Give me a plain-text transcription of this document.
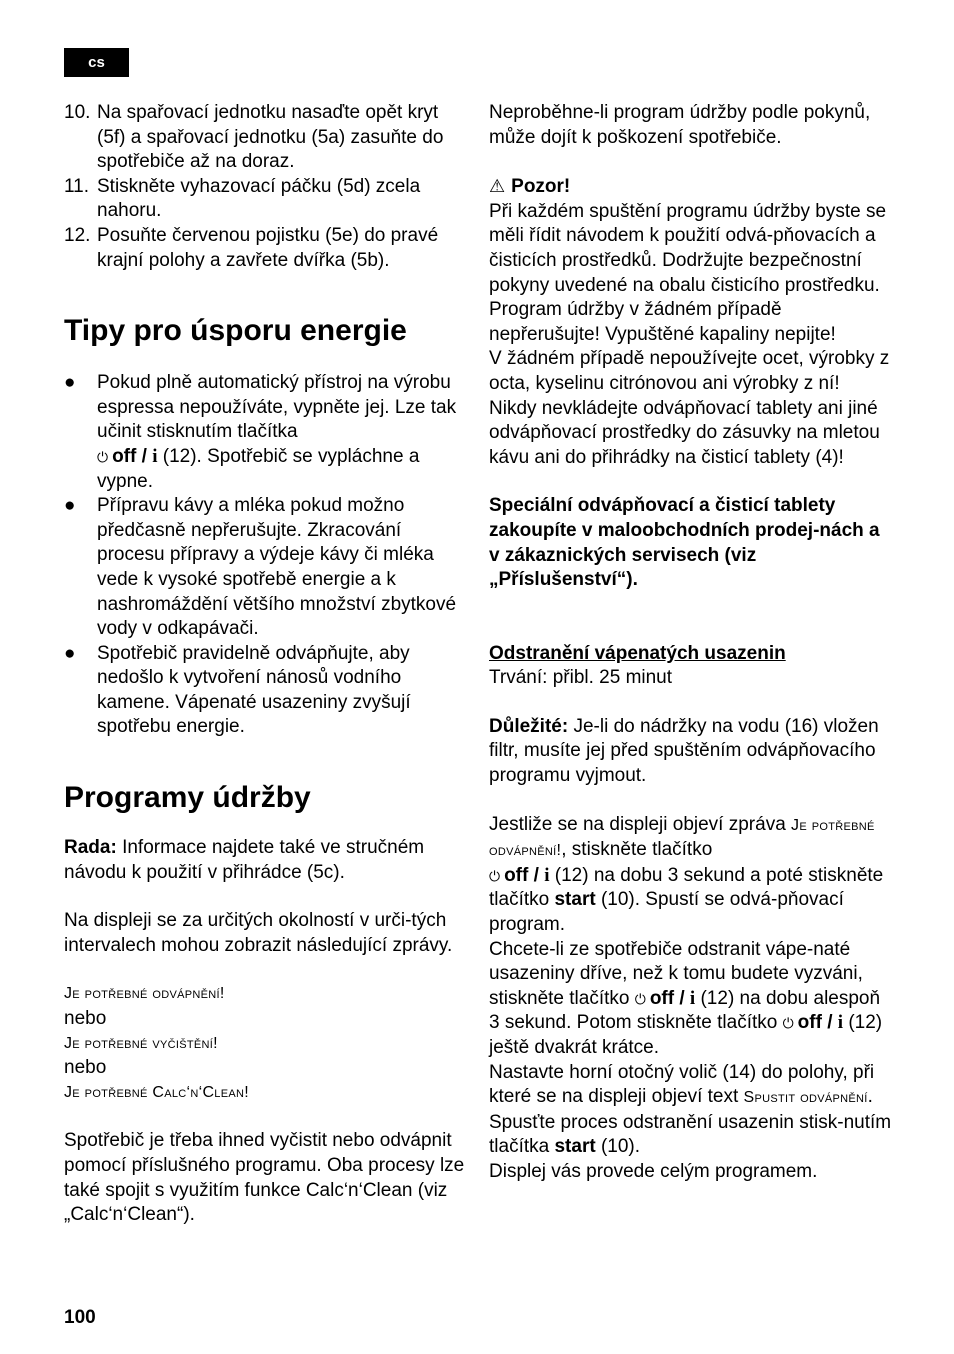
cs
10. Na spařovací jednotku nasaďte opět kryt (5f) a spařovací jednotku (5a) zasuňte do spotřebiče až na doraz.
11. Stiskněte vyhazovací páčku (5d) zcela nahoru.
12. Posuňte červenou pojistku (5e) do pravé krajní polohy a zavřete dvířka (5b).
Tipy pro úsporu energie
●	Pokud plně automatický přístroj na výrobu espressa nepoužíváte, vypněte jej. Lze tak učinit stisknutím tlačítka
⏻ off / i (12). Spotřebič se vypláchne a vypne.
●	Přípravu kávy a mléka pokud možno předčasně nepřerušujte. Zkracování procesu přípravy a výdeje kávy či mléka vede k vysoké spotřebě energie a k nashromáždění většího množství zbytkové vody v odkapávači.
●	Spotřebič pravidelně odvápňujte, aby nedošlo k vytvoření nánosů vodního kamene. Vápenaté usazeniny zvyšují spotřebu energie.
Programy údržby

Rada: Informace najdete také ve stručném návodu k použití v přihrádce (5c).

Na displeji se za určitých okolností v urči-tých intervalech mohou zobrazit následující zprávy.

Je potřebné odvápnění!

nebo

Je potřebné vyčištění!

nebo

Je potřebné Calc‘n‘Clean!

Spotřebič je třeba ihned vyčistit nebo odvápnit pomocí příslušného programu. Oba procesy lze také spojit s využitím funkce Calc‘n‘Clean (viz „Calc‘n‘Clean“).

Neproběhne-li program údržby podle pokynů, může dojít k poškození spotřebiče.

⚠ Pozor!

Při každém spuštění programu údržby byste se měli řídit návodem k použití odvá-pňovacích a čisticích prostředků. Dodržujte bezpečnostní pokyny uvedené na obalu čisticího prostředku.

Program údržby v žádném případě nepřerušujte! Vypuštěné kapaliny nepijte!

V žádném případě nepoužívejte ocet, výrobky z octa, kyselinu citrónovou ani výrobky z ní!

Nikdy nevkládejte odvápňovací tablety ani jiné odvápňovací prostředky do zásuvky na mletou kávu ani do přihrádky na čisticí tablety (4)!

Speciální odvápňovací a čisticí tablety zakoupíte v maloobchodních prodej-nách a v zákaznických servisech (viz „Příslušenství“).

Odstranění vápenatých usazenin

Trvání: přibl. 25 minut

Důležité: Je-li do nádržky na vodu (16) vložen filtr, musíte jej před spuštěním odvápňovacího programu vyjmout.

Jestliže se na displeji objeví zpráva Je potřebné odvápnění!, stiskněte tlačítko
⏻ off / i (12) na dobu 3 sekund a poté stiskněte tlačítko start (10). Spustí se odvá-pňovací program.

Chcete-li ze spotřebiče odstranit vápe-naté usazeniny dříve, než k tomu budete vyzváni, stiskněte tlačítko ⏻ off / i (12) na dobu alespoň 3 sekund. Potom stiskněte tlačítko ⏻ off / i (12) ještě dvakrát krátce.

Nastavte horní otočný volič (14) do polohy, při které se na displeji objeví text Spustit odvápnění.

Spusťte proces odstranění usazenin stisk-nutím tlačítka start (10).

Displej vás provede celým programem.

100
